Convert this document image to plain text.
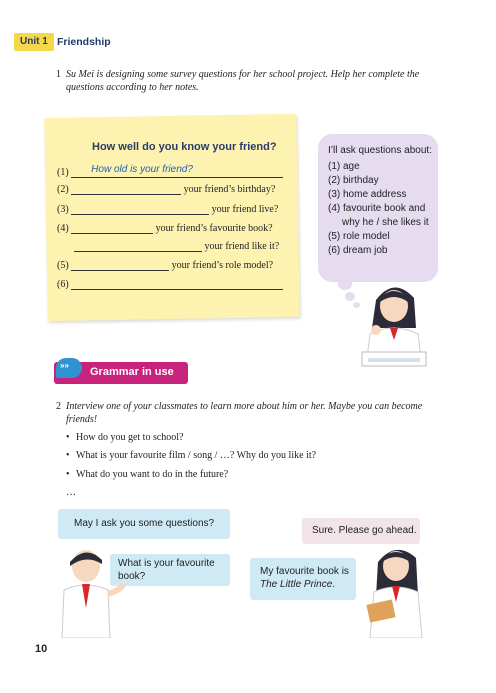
Unit 1 Friendship
1 Su Mei is designing some survey questions for her school project. Help her complete the questions according to her notes.
How well do you know your friend?
(1) How old is your friend?
(2)	your friend’s birthday?
(3)	your friend live?
(4)	your friend’s favourite book?
your friend like it?
(5)	your friend’s role model?
(6)
I’ll ask questions about:
(1) age
(2) birthday
(3) home address
(4) favourite book and
why he / she likes it
(5) role model
(6) dream job
»»
Grammar in use
2 Interview one of your classmates to learn more about him or her. Maybe you can become friends!
• How do you get to school?
• What is your favourite film / song / …? Why do you like it?
• What do you want to do in the future?
…
May I ask you some questions?
What is your favourite book?
Sure. Please go ahead.
My favourite book is
The Little Prince.
10
